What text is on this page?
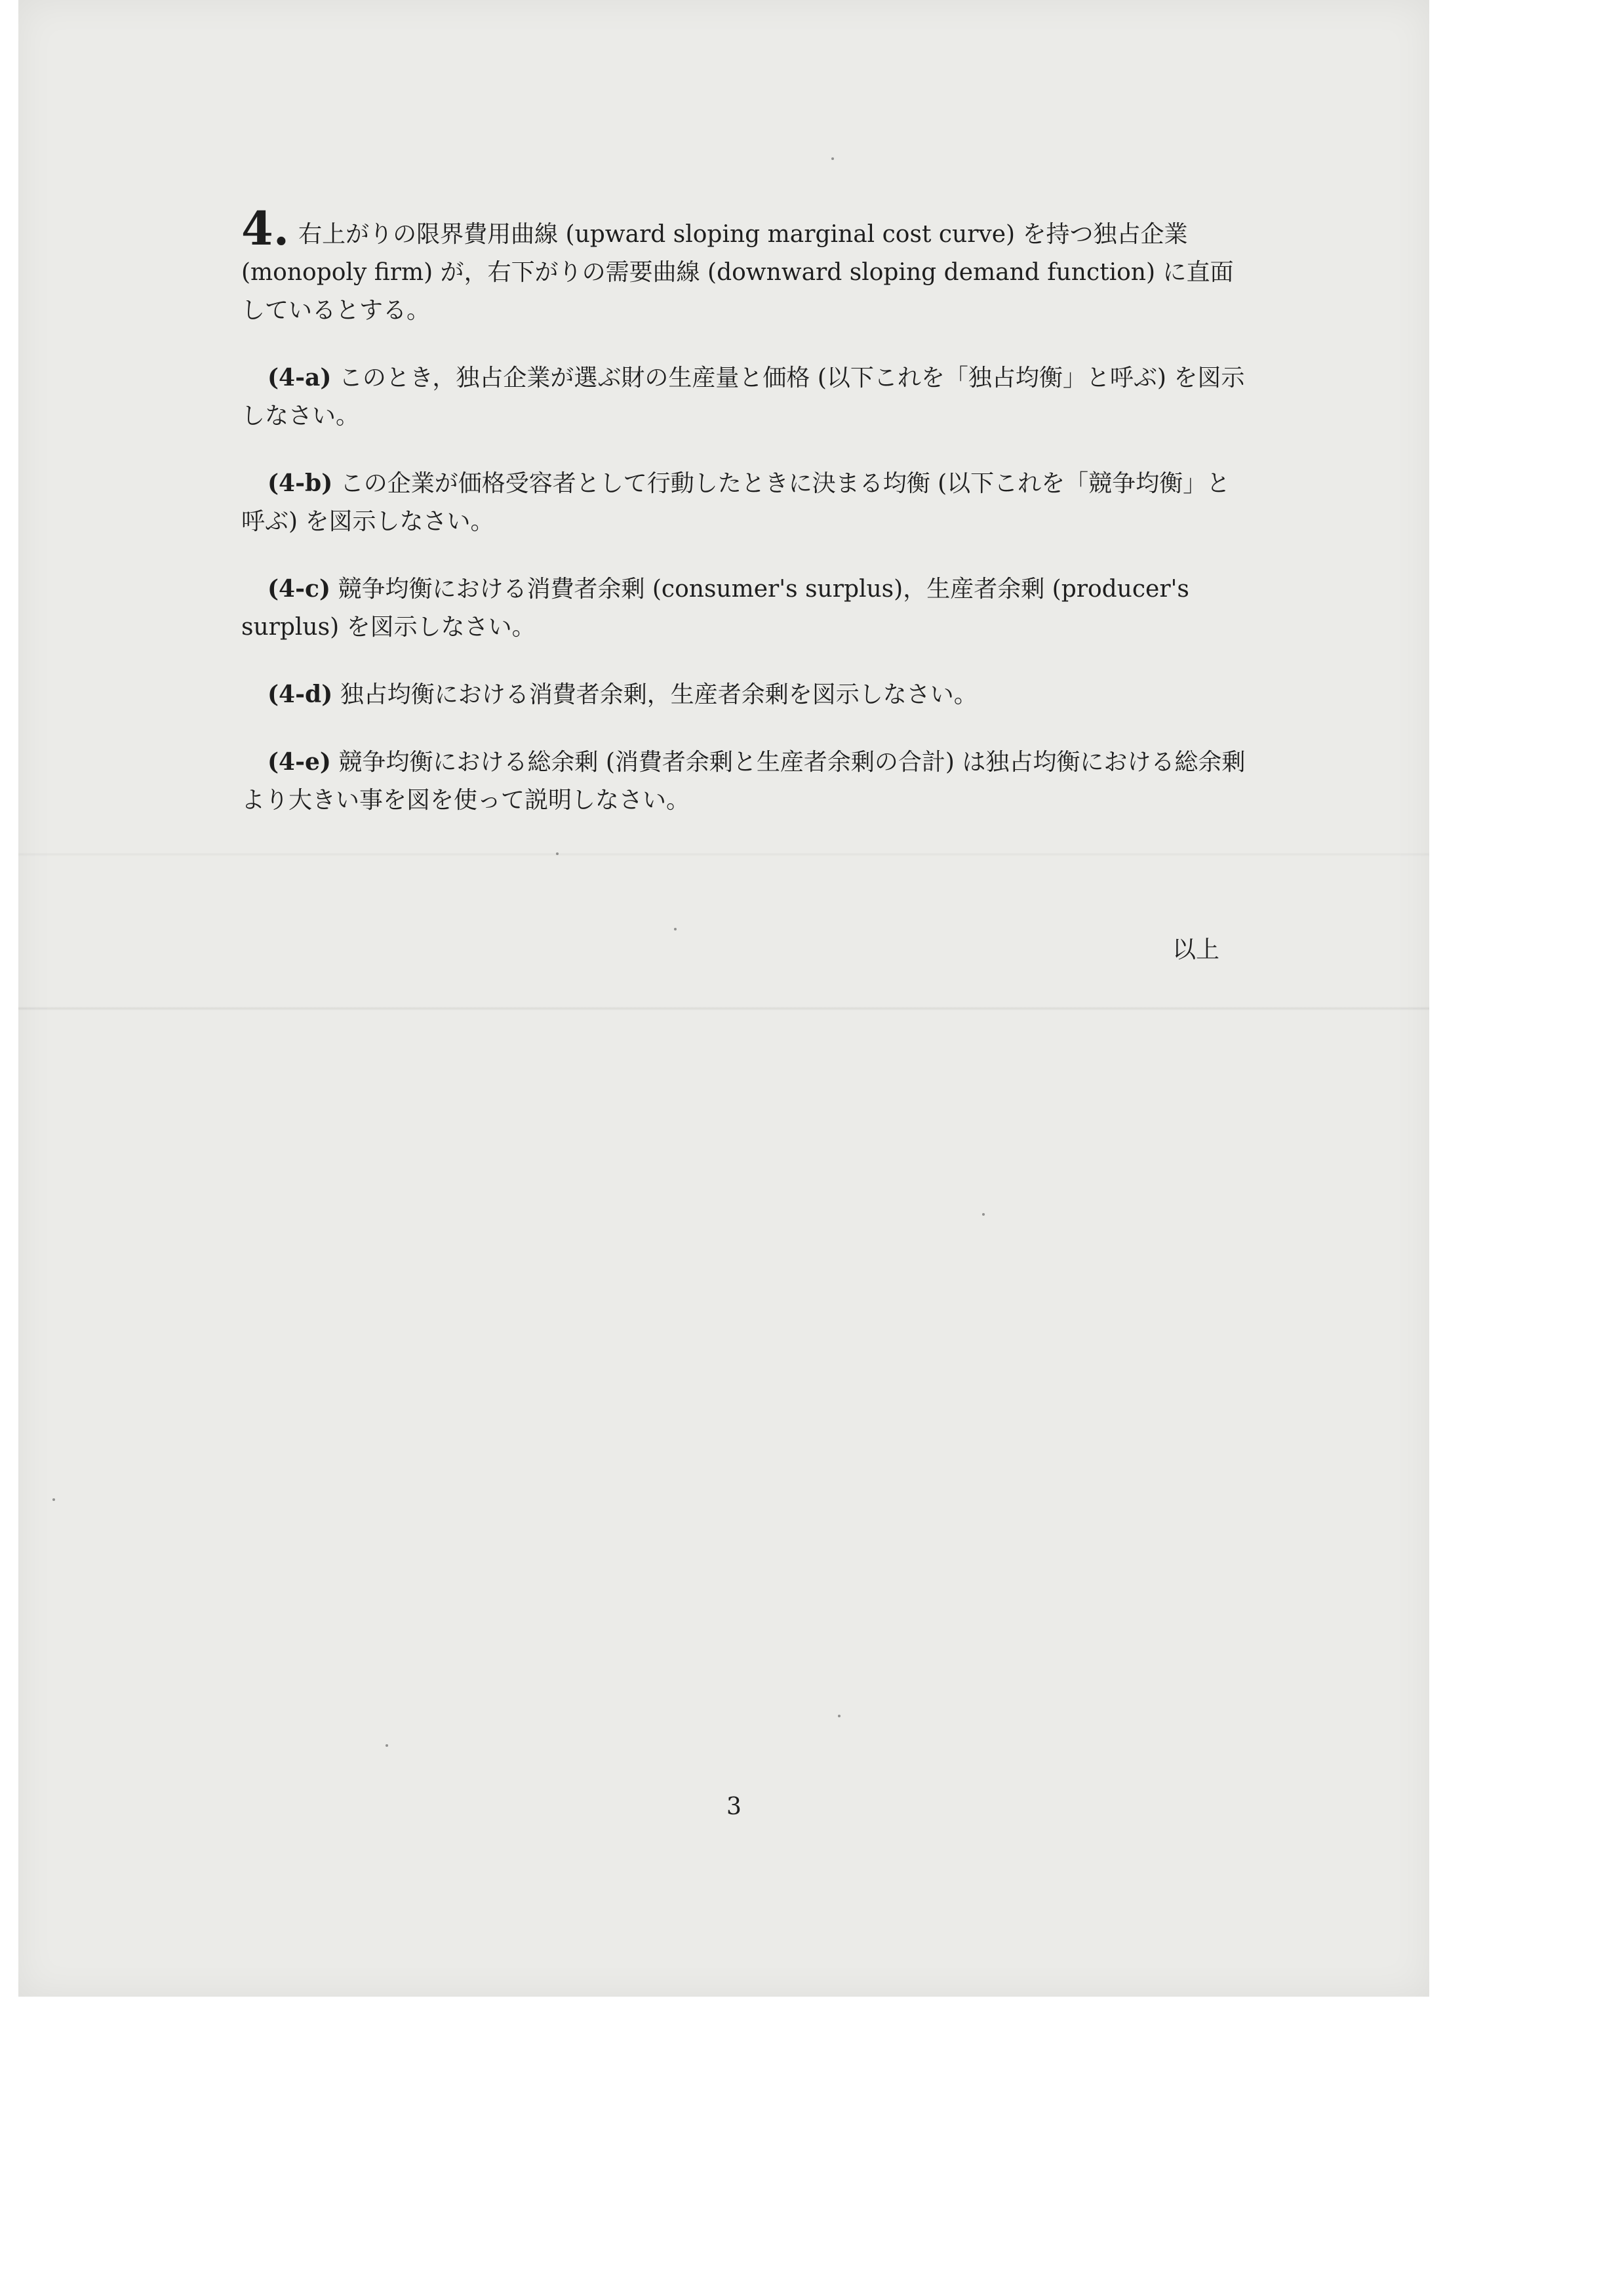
4. 右上がりの限界費用曲線 (upward sloping marginal cost curve) を持つ独占企業 (monopoly firm) が，右下がりの需要曲線 (downward sloping demand function) に直面しているとする。

(4-a) このとき，独占企業が選ぶ財の生産量と価格 (以下これを「独占均衡」と呼ぶ) を図示しなさい。

(4-b) この企業が価格受容者として行動したときに決まる均衡 (以下これを「競争均衡」と呼ぶ) を図示しなさい。

(4-c) 競争均衡における消費者余剰 (consumer's surplus)，生産者余剰 (producer's surplus) を図示しなさい。

(4-d) 独占均衡における消費者余剰，生産者余剰を図示しなさい。

(4-e) 競争均衡における総余剰 (消費者余剰と生産者余剰の合計) は独占均衡における総余剰より大きい事を図を使って説明しなさい。

以上
3
